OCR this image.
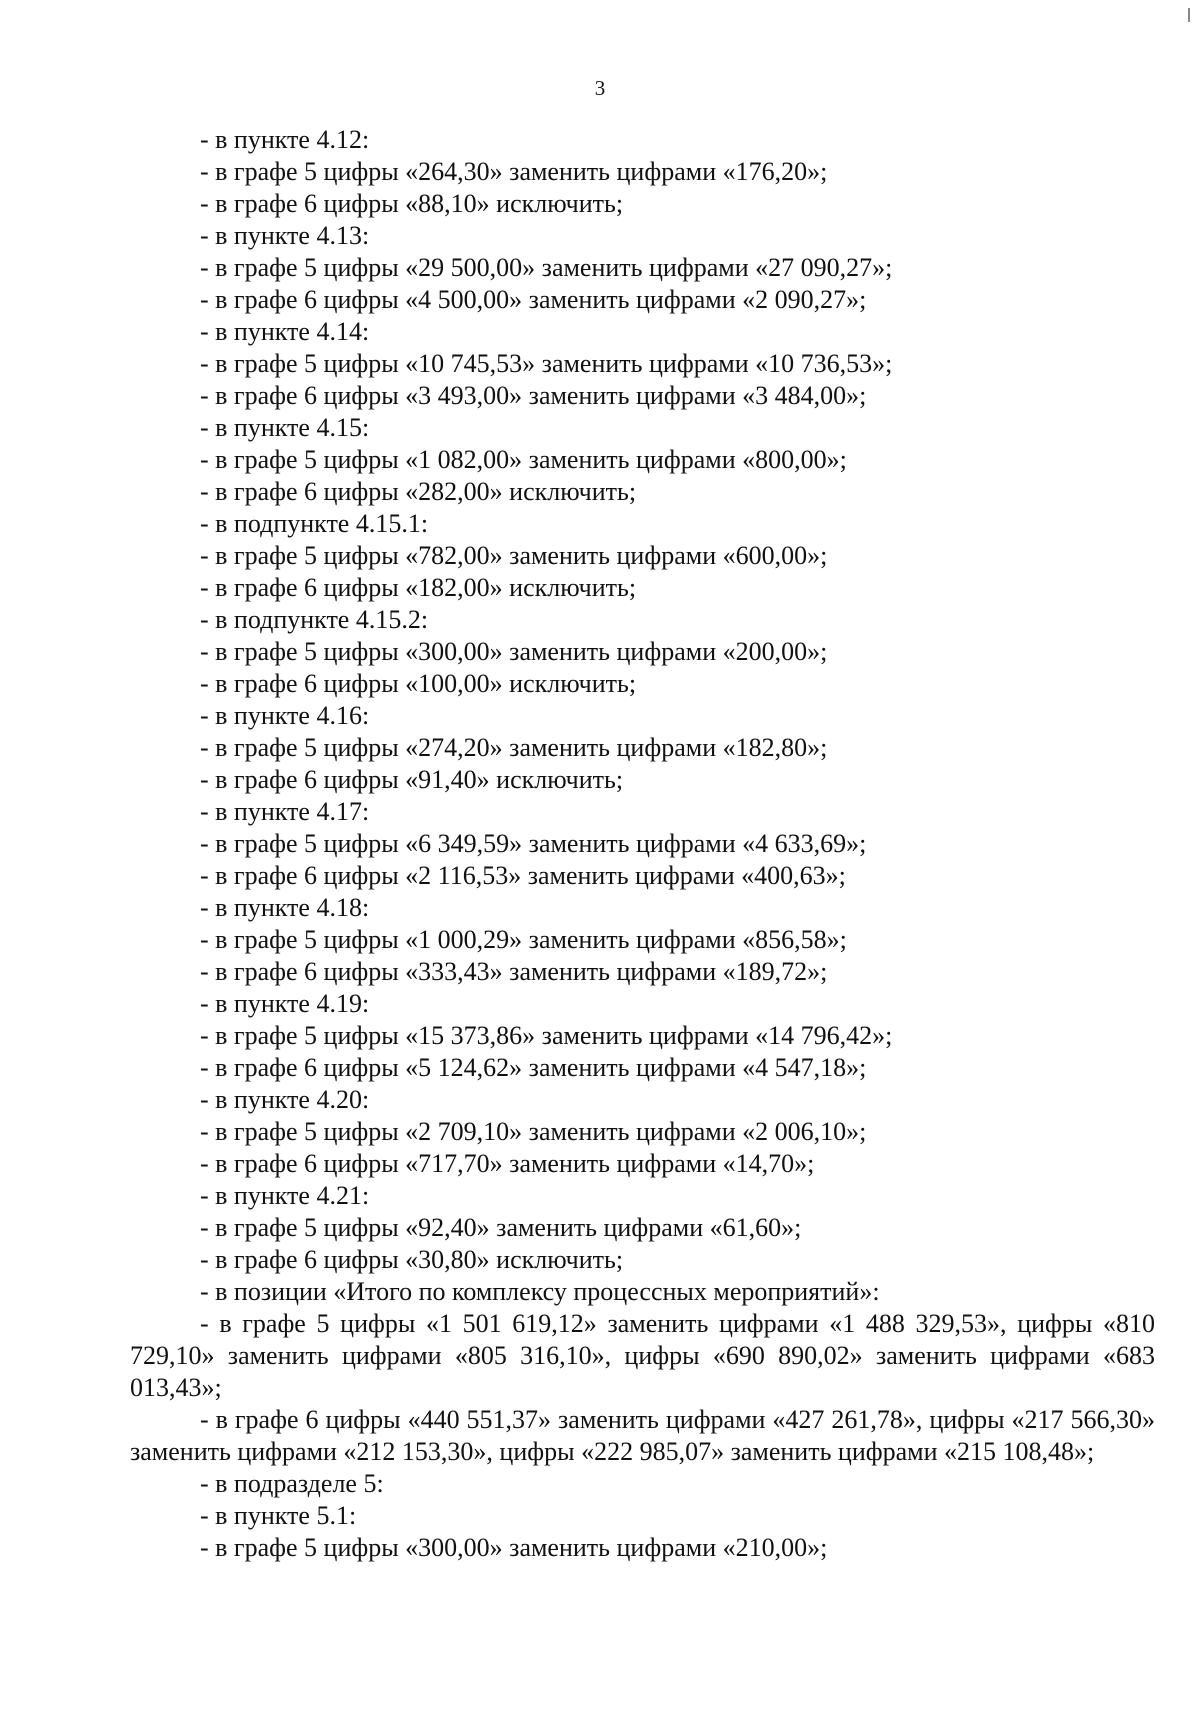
3
- в пункте 4.12:
- в графе 5 цифры «264,30» заменить цифрами «176,20»;
- в графе 6 цифры «88,10» исключить;
- в пункте 4.13:
- в графе 5 цифры «29 500,00» заменить цифрами «27 090,27»;
- в графе 6 цифры «4 500,00» заменить цифрами «2 090,27»;
- в пункте 4.14:
- в графе 5 цифры «10 745,53» заменить цифрами «10 736,53»;
- в графе 6 цифры «3 493,00» заменить цифрами «3 484,00»;
- в пункте 4.15:
- в графе 5 цифры «1 082,00» заменить цифрами «800,00»;
- в графе 6 цифры «282,00» исключить;
- в подпункте 4.15.1:
- в графе 5 цифры «782,00» заменить цифрами «600,00»;
- в графе 6 цифры «182,00» исключить;
- в подпункте 4.15.2:
- в графе 5 цифры «300,00» заменить цифрами «200,00»;
- в графе 6 цифры «100,00» исключить;
- в пункте 4.16:
- в графе 5 цифры «274,20» заменить цифрами «182,80»;
- в графе 6 цифры «91,40» исключить;
- в пункте 4.17:
- в графе 5 цифры «6 349,59» заменить цифрами «4 633,69»;
- в графе 6 цифры «2 116,53» заменить цифрами «400,63»;
- в пункте 4.18:
- в графе 5 цифры «1 000,29» заменить цифрами «856,58»;
- в графе 6 цифры «333,43» заменить цифрами «189,72»;
- в пункте 4.19:
- в графе 5 цифры «15 373,86» заменить цифрами «14 796,42»;
- в графе 6 цифры «5 124,62» заменить цифрами «4 547,18»;
- в пункте 4.20:
- в графе 5 цифры «2 709,10» заменить цифрами «2 006,10»;
- в графе 6 цифры «717,70» заменить цифрами «14,70»;
- в пункте 4.21:
- в графе 5 цифры «92,40» заменить цифрами «61,60»;
- в графе 6 цифры «30,80» исключить;
- в позиции «Итого по комплексу процессных мероприятий»:
- в графе 5 цифры «1 501 619,12» заменить цифрами «1 488 329,53», цифры «810 729,10» заменить цифрами «805 316,10», цифры «690 890,02» заменить цифрами «683 013,43»;
- в графе 6 цифры «440 551,37» заменить цифрами «427 261,78», цифры «217 566,30» заменить цифрами «212 153,30», цифры «222 985,07» заменить цифрами «215 108,48»;
- в подразделе 5:
- в пункте 5.1:
- в графе 5 цифры «300,00» заменить цифрами «210,00»;
